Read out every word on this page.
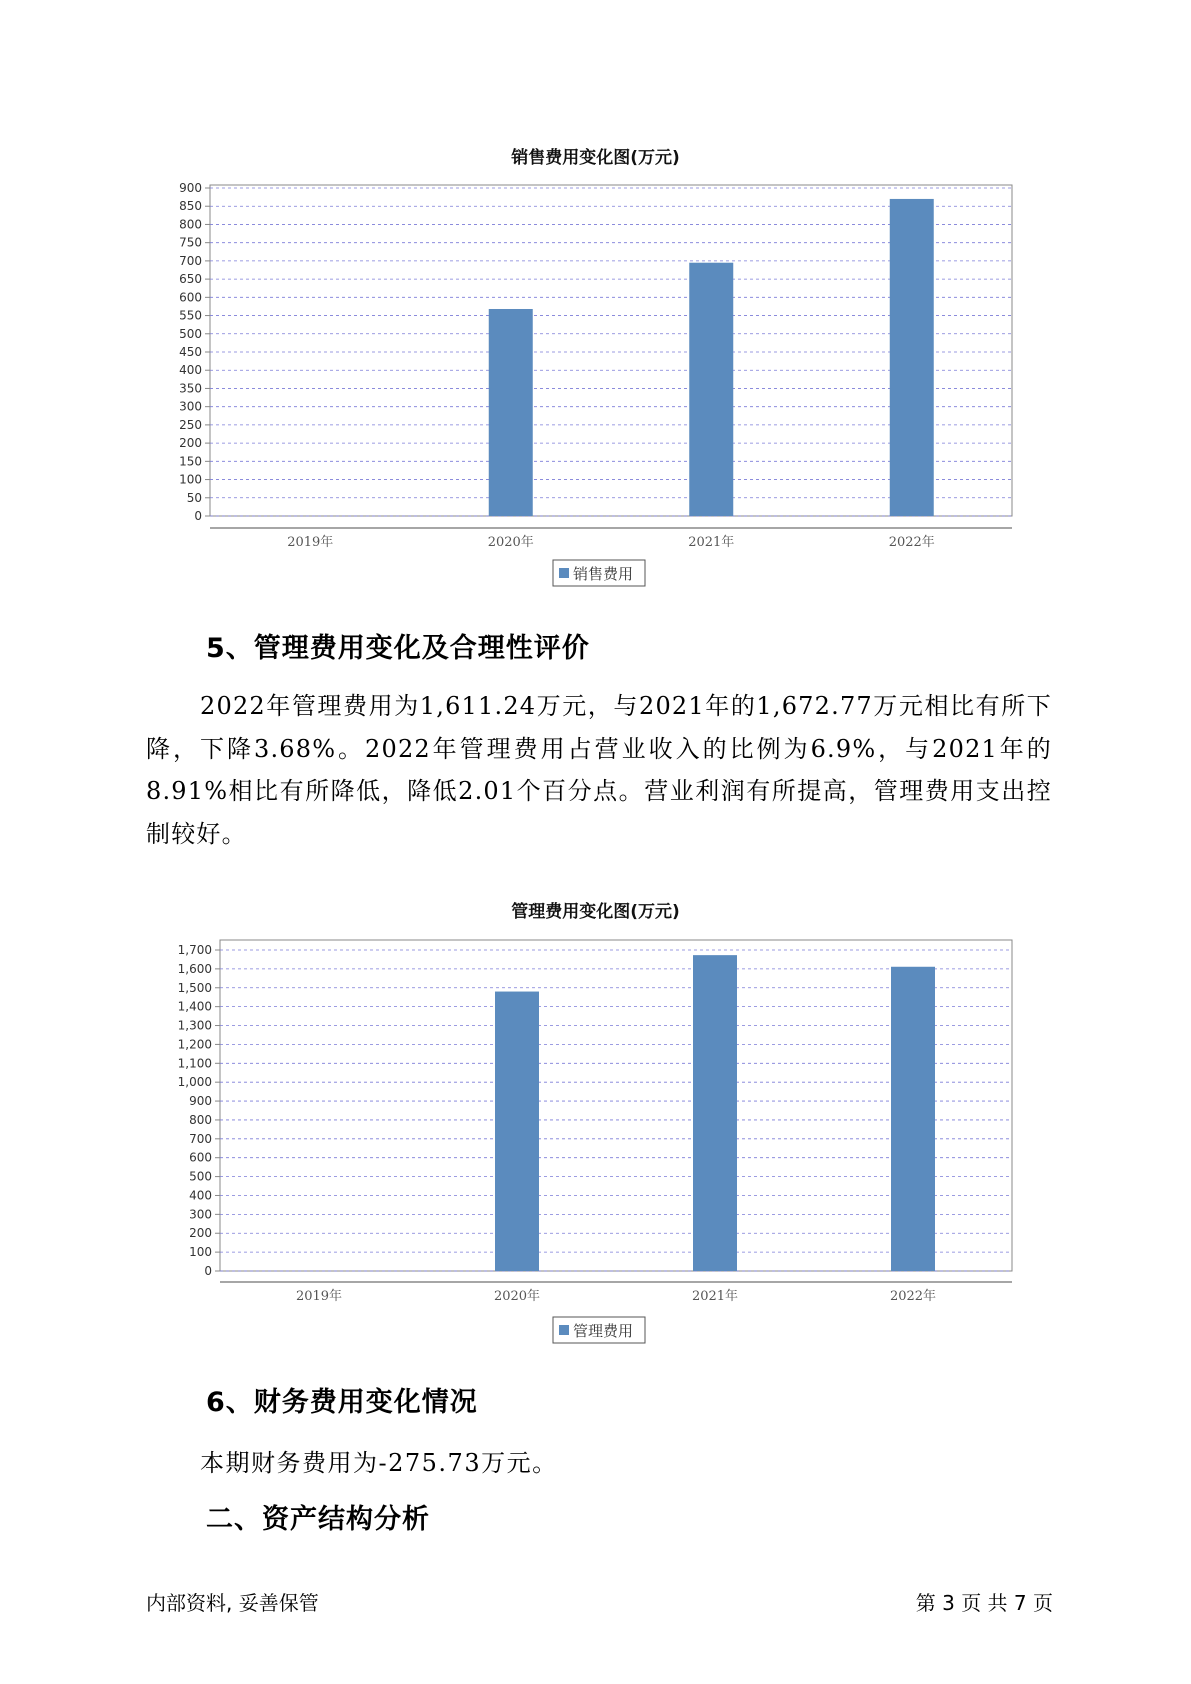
销售费用变化图(万元)
0
50
100
150
200
250
300
350
400
450
500
550
600
650
700
750
800
850
900
2019年	2020年	2021年	2022年
销售费用
5、管理费用变化及合理性评价
2022年管理费用为1,611.24万元，与2021年的1,672.77万元相比有所下降，下降3.68%。2022年管理费用占营业收入的比例为6.9%，与2021年的8.91%相比有所降低，降低2.01个百分点。营业利润有所提高，管理费用支出控制较好。
管理费用变化图(万元)
0
100
200
300
400
500
600
700
800
900
1,000
1,100
1,200
1,300
1,400
1,500
1,600
1,700
2019年	2020年	2021年	2022年
管理费用
6、财务费用变化情况
本期财务费用为-275.73万元。
二、资产结构分析
内部资料, 妥善保管	第 3 页 共 7 页
